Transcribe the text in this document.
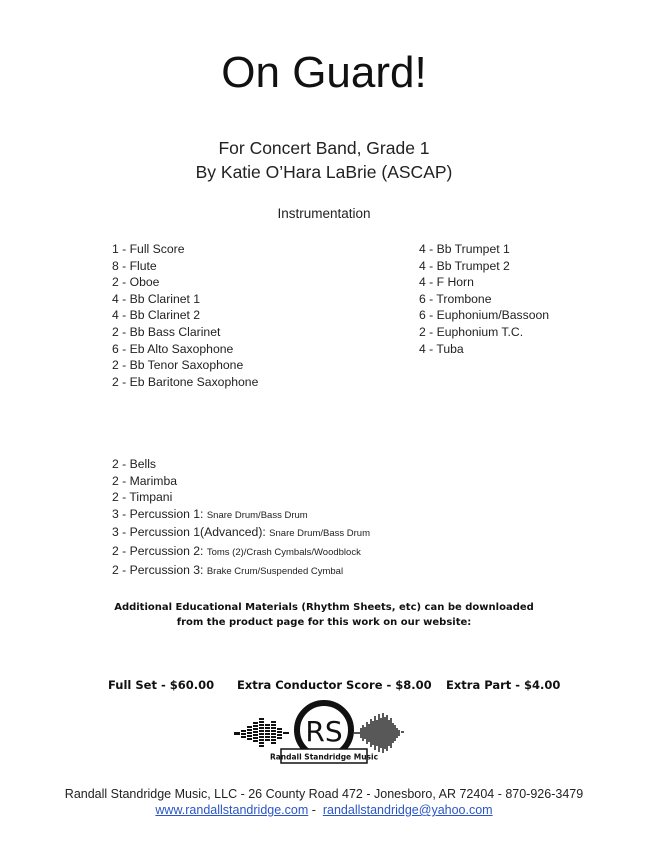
On Guard!
For Concert Band, Grade 1
By Katie O’Hara LaBrie (ASCAP)
Instrumentation
1 - Full Score
8 - Flute
2 - Oboe
4 - Bb Clarinet 1
4 - Bb Clarinet 2
2 - Bb Bass Clarinet
6 - Eb Alto Saxophone
2 - Bb Tenor Saxophone
2 - Eb Baritone Saxophone
4 - Bb Trumpet 1
4 - Bb Trumpet 2
4 - F Horn
6 - Trombone
6 - Euphonium/Bassoon
2 - Euphonium T.C.
4 - Tuba
2 - Bells
2 - Marimba
2 - Timpani
3 - Percussion 1: Snare Drum/Bass Drum
3 - Percussion 1(Advanced): Snare Drum/Bass Drum
2 - Percussion 2: Toms (2)/Crash Cymbals/Woodblock
2 - Percussion 3: Brake Crum/Suspended Cymbal
Additional Educational Materials (Rhythm Sheets, etc) can be downloaded
from the product page for this work on our website:
Full Set - $60.00 Extra Conductor Score - $8.00 Extra Part - $4.00
RS
Randall Standridge Music
Randall Standridge Music, LLC - 26 County Road 472 - Jonesboro, AR 72404 - 870-926-3479
www.randallstandridge.com -  randallstandridge@yahoo.com
